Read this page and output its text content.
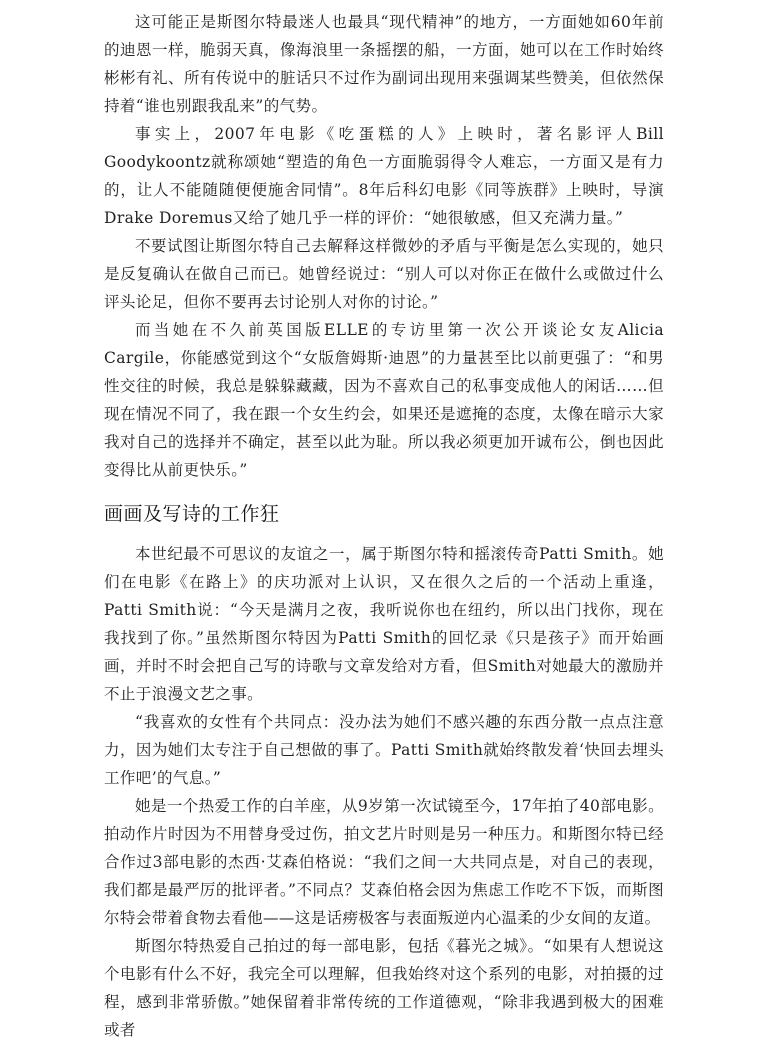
这可能正是斯图尔特最迷人也最具“现代精神”的地方，一方面她如60年前的迪恩一样，脆弱天真，像海浪里一条摇摆的船，一方面，她可以在工作时始终彬彬有礼、所有传说中的脏话只不过作为副词出现用来强调某些赞美，但依然保持着“谁也别跟我乱来”的气势。

事实上，2007年电影《吃蛋糕的人》上映时，著名影评人Bill Goodykoontz就称颂她“塑造的角色一方面脆弱得令人难忘，一方面又是有力的，让人不能随随便便施舍同情”。8年后科幻电影《同等族群》上映时，导演Drake Doremus又给了她几乎一样的评价：“她很敏感，但又充满力量。”

不要试图让斯图尔特自己去解释这样微妙的矛盾与平衡是怎么实现的，她只是反复确认在做自己而已。她曾经说过：“别人可以对你正在做什么或做过什么评头论足，但你不要再去讨论别人对你的讨论。”

而当她在不久前英国版ELLE的专访里第一次公开谈论女友Alicia Cargile，你能感觉到这个“女版詹姆斯·迪恩”的力量甚至比以前更强了：“和男性交往的时候，我总是躲躲藏藏，因为不喜欢自己的私事变成他人的闲话……但现在情况不同了，我在跟一个女生约会，如果还是遮掩的态度，太像在暗示大家我对自己的选择并不确定，甚至以此为耻。所以我必须更加开诚布公，倒也因此变得比从前更快乐。”

画画及写诗的工作狂

本世纪最不可思议的友谊之一，属于斯图尔特和摇滚传奇Patti Smith。她们在电影《在路上》的庆功派对上认识，又在很久之后的一个活动上重逢，Patti Smith说：“今天是满月之夜，我听说你也在纽约，所以出门找你，现在我找到了你。”虽然斯图尔特因为Patti Smith的回忆录《只是孩子》而开始画画，并时不时会把自己写的诗歌与文章发给对方看，但Smith对她最大的激励并不止于浪漫文艺之事。

“我喜欢的女性有个共同点：没办法为她们不感兴趣的东西分散一点点注意力，因为她们太专注于自己想做的事了。Patti Smith就始终散发着‘快回去埋头工作吧’的气息。”

她是一个热爱工作的白羊座，从9岁第一次试镜至今，17年拍了40部电影。拍动作片时因为不用替身受过伤，拍文艺片时则是另一种压力。和斯图尔特已经合作过3部电影的杰西·艾森伯格说：“我们之间一大共同点是，对自己的表现，我们都是最严厉的批评者。”不同点？艾森伯格会因为焦虑工作吃不下饭，而斯图尔特会带着食物去看他——这是话痨极客与表面叛逆内心温柔的少女间的友道。

斯图尔特热爱自己拍过的每一部电影，包括《暮光之城》。“如果有人想说这个电影有什么不好，我完全可以理解，但我始终对这个系列的电影，对拍摄的过程，感到非常骄傲。”她保留着非常传统的工作道德观，“除非我遇到极大的困难或者
